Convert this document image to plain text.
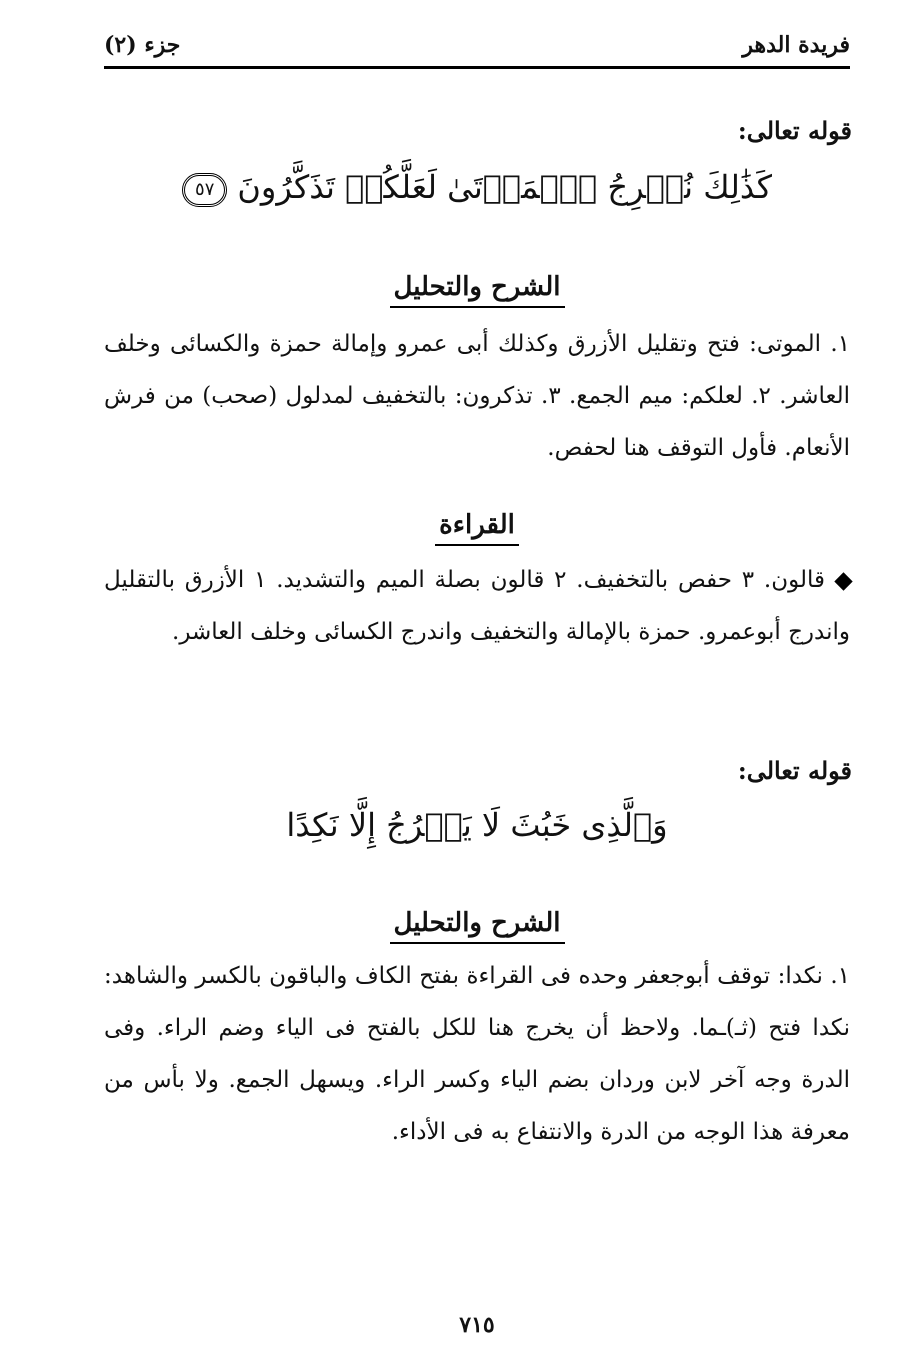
فريدة الدهر
جزء (٢)
قوله تعالى:
كَذَٰلِكَ نُخۡرِجُ ٱلۡمَوۡتَىٰ لَعَلَّكُمۡ تَذَكَّرُونَ٥٧
الشرح والتحليل
١. الموتى: فتح وتقليل الأزرق وكذلك أبى عمرو وإمالة حمزة والكسائى وخلف العاشر. ٢. لعلكم: ميم الجمع. ٣. تذكرون: بالتخفيف لمدلول (صحب) من فرش الأنعام. فأول التوقف هنا لحفص.
القراءة
قالون. ٣ حفص بالتخفيف. ٢ قالون بصلة الميم والتشديد. ١ الأزرق بالتقليل واندرج أبوعمرو. حمزة بالإمالة والتخفيف واندرج الكسائى وخلف العاشر.
قوله تعالى:
وَٱلَّذِى خَبُثَ لَا يَخۡرُجُ إِلَّا نَكِدًا
الشرح والتحليل
١. نكدا: توقف أبوجعفر وحده فى القراءة بفتح الكاف والباقون بالكسر والشاهد: نكدا فتح (ثـ)ـما. ولاحظ أن يخرج هنا للكل بالفتح فى الياء وضم الراء. وفى الدرة وجه آخر لابن وردان بضم الياء وكسر الراء. ويسهل الجمع. ولا بأس من معرفة هذا الوجه من الدرة والانتفاع به فى الأداء.
٧١٥
